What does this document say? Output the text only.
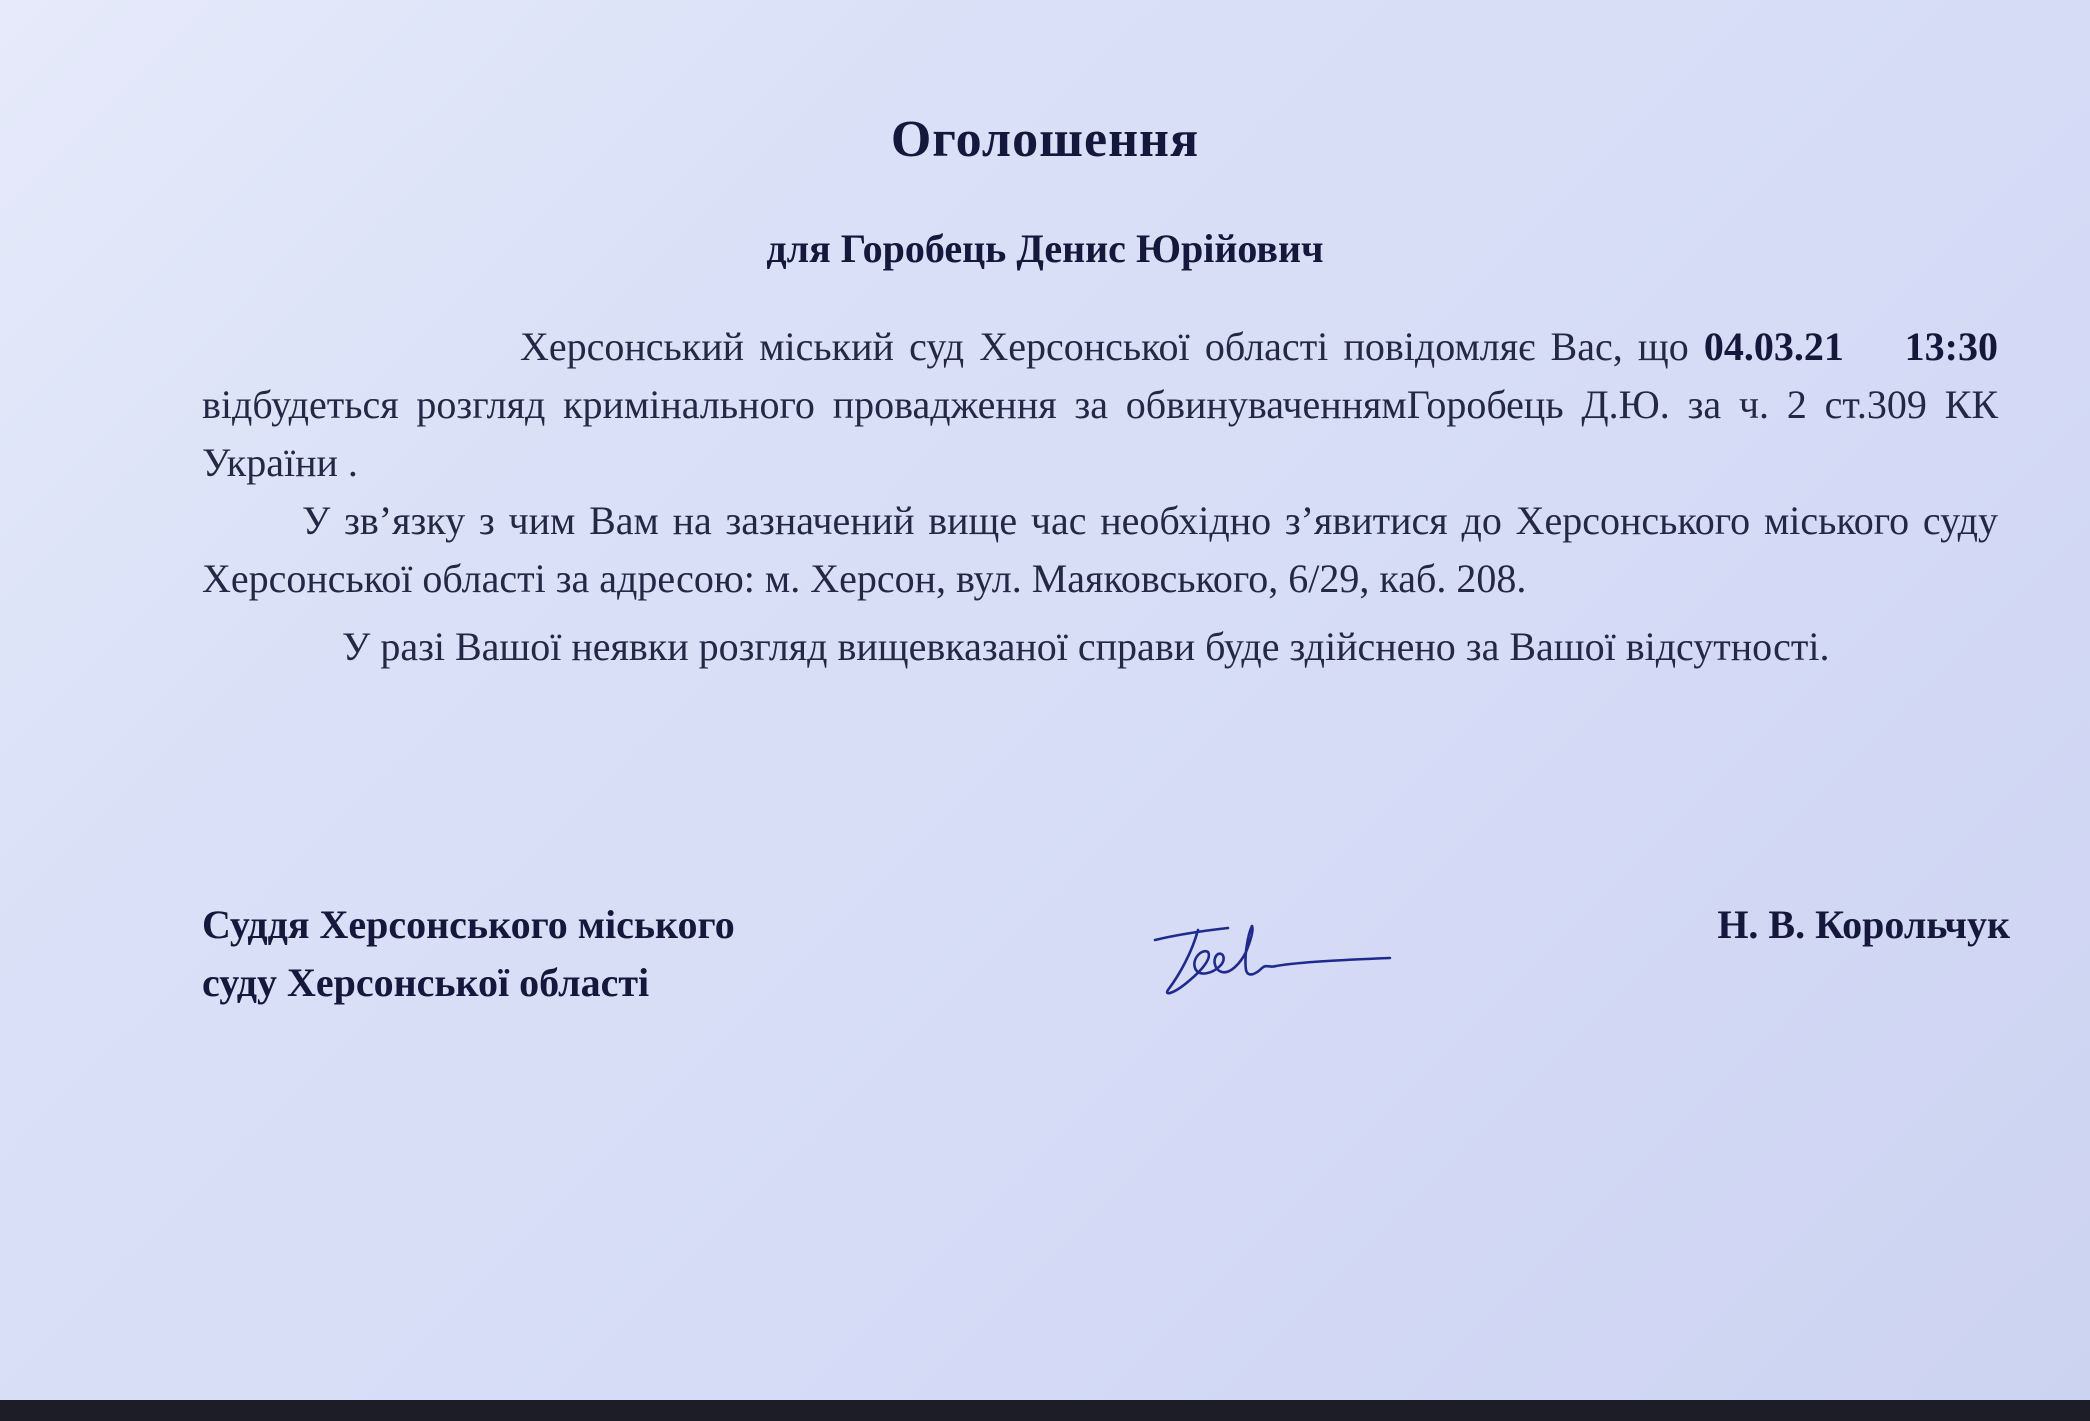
Оголошення
для Горобець Денис Юрійович

Херсонський міський суд Херсонської області повідомляє Вас, що 04.03.21 13:30 відбудеться розгляд кримінального провадження за обвинуваченнямГоробець Д.Ю. за ч. 2 ст.309 КК України .

У зв’язку з чим Вам на зазначений вище час необхідно з’явитися до Херсонського міського суду Херсонської області за адресою: м. Херсон, вул. Маяковського, 6/29, каб. 208.

У разі Вашої неявки розгляд вищевказаної справи буде здійснено за Вашої відсутності.

Суддя Херсонського міського
суду Херсонської області
Н. В. Корольчук
